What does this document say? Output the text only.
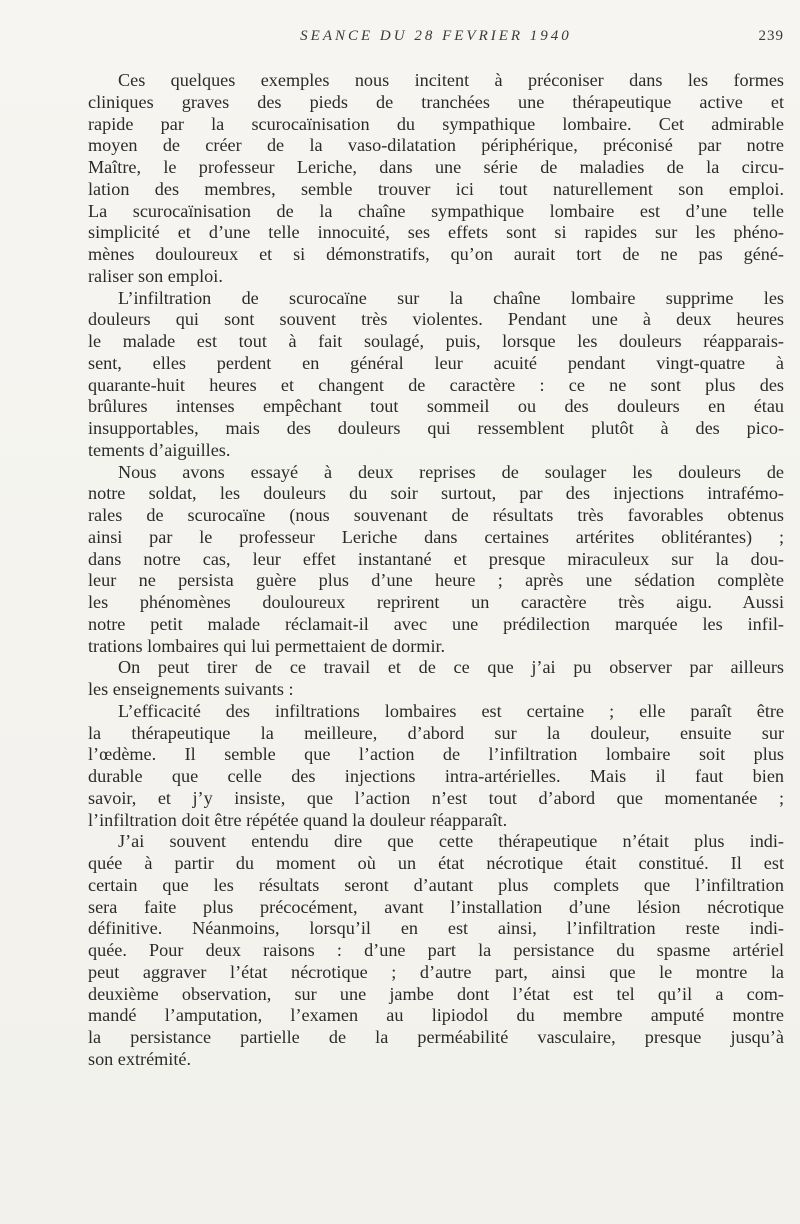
SEANCE DU 28 FEVRIER 1940	239
Ces quelques exemples nous incitent à préconiser dans les formes
cliniques graves des pieds de tranchées une thérapeutique active et
rapide par la scurocaïnisation du sympathique lombaire. Cet admirable
moyen de créer de la vaso-dilatation périphérique, préconisé par notre
Maître, le professeur Leriche, dans une série de maladies de la circu-
lation des membres, semble trouver ici tout naturellement son emploi.
La scurocaïnisation de la chaîne sympathique lombaire est d’une telle
simplicité et d’une telle innocuité, ses effets sont si rapides sur les phéno-
mènes douloureux et si démonstratifs, qu’on aurait tort de ne pas géné-
raliser son emploi.
L’infiltration de scurocaïne sur la chaîne lombaire supprime les
douleurs qui sont souvent très violentes. Pendant une à deux heures
le malade est tout à fait soulagé, puis, lorsque les douleurs réapparais-
sent, elles perdent en général leur acuité pendant vingt-quatre à
quarante-huit heures et changent de caractère : ce ne sont plus des
brûlures intenses empêchant tout sommeil ou des douleurs en étau
insupportables, mais des douleurs qui ressemblent plutôt à des pico-
tements d’aiguilles.
Nous avons essayé à deux reprises de soulager les douleurs de
notre soldat, les douleurs du soir surtout, par des injections intrafémo-
rales de scurocaïne (nous souvenant de résultats très favorables obtenus
ainsi par le professeur Leriche dans certaines artérites oblitérantes) ;
dans notre cas, leur effet instantané et presque miraculeux sur la dou-
leur ne persista guère plus d’une heure ; après une sédation complète
les phénomènes douloureux reprirent un caractère très aigu. Aussi
notre petit malade réclamait-il avec une prédilection marquée les infil-
trations lombaires qui lui permettaient de dormir.
On peut tirer de ce travail et de ce que j’ai pu observer par ailleurs
les enseignements suivants :
L’efficacité des infiltrations lombaires est certaine ; elle paraît être
la thérapeutique la meilleure, d’abord sur la douleur, ensuite sur
l’œdème. Il semble que l’action de l’infiltration lombaire soit plus
durable que celle des injections intra-artérielles. Mais il faut bien
savoir, et j’y insiste, que l’action n’est tout d’abord que momentanée ;
l’infiltration doit être répétée quand la douleur réapparaît.
J’ai souvent entendu dire que cette thérapeutique n’était plus indi-
quée à partir du moment où un état nécrotique était constitué. Il est
certain que les résultats seront d’autant plus complets que l’infiltration
sera faite plus précocément, avant l’installation d’une lésion nécrotique
définitive. Néanmoins, lorsqu’il en est ainsi, l’infiltration reste indi-
quée. Pour deux raisons : d’une part la persistance du spasme artériel
peut aggraver l’état nécrotique ; d’autre part, ainsi que le montre la
deuxième observation, sur une jambe dont l’état est tel qu’il a com-
mandé l’amputation, l’examen au lipiodol du membre amputé montre
la persistance partielle de la perméabilité vasculaire, presque jusqu’à
son extrémité.
